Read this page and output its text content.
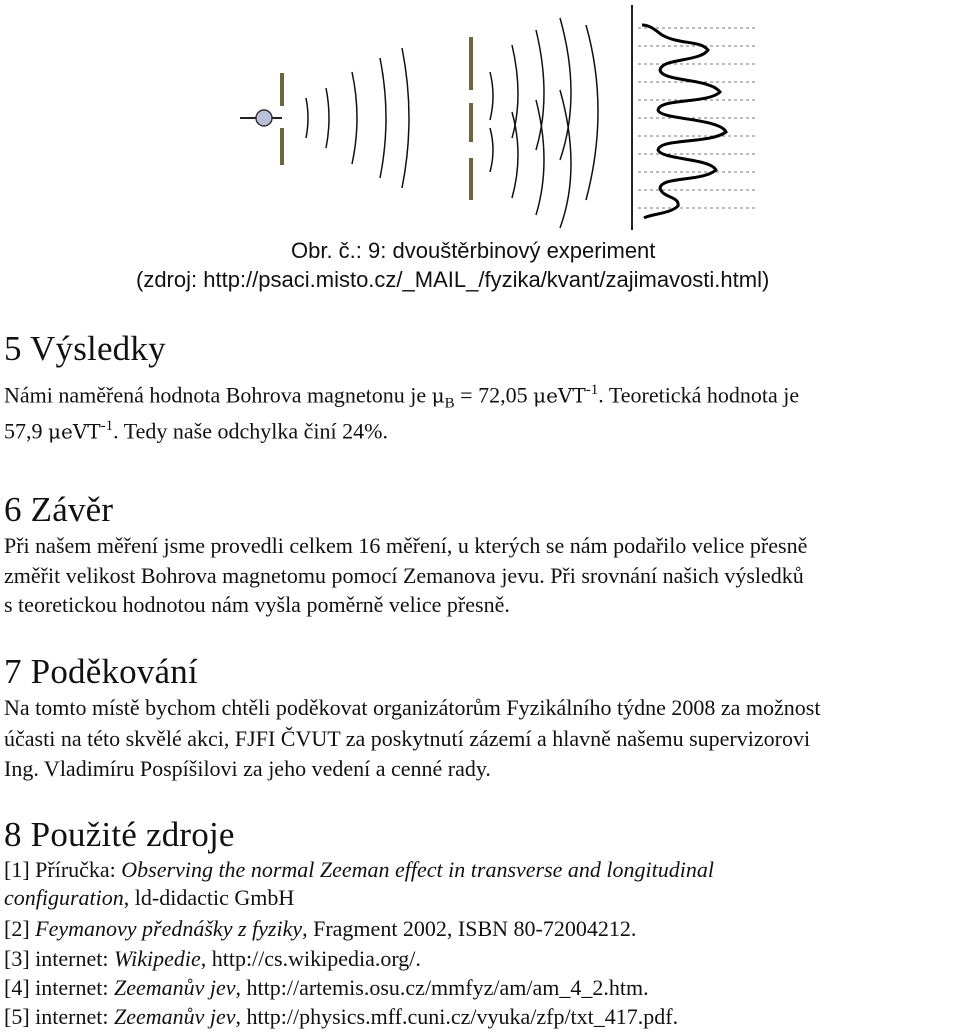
Obr. č.: 9: dvouštěrbinový experiment
(zdroj: http://psaci.misto.cz/_MAIL_/fyzika/kvant/zajimavosti.html)
5 Výsledky
Námi naměřená hodnota Bohrova magnetonu je $\mu_B = 72,05$ μeVT$^{-1}$. Teoretická hodnota je
57,9 μeVT$^{-1}$. Tedy naše odchylka činí 24%.
6 Závěr
Při našem měření jsme provedli celkem 16 měření, u kterých se nám podařilo velice přesně
změřit velikost Bohrova magnetomu pomocí Zemanova jevu. Při srovnání našich výsledků
s teoretickou hodnotou nám vyšla poměrně velice přesně.
7 Poděkování
Na tomto místě bychom chtěli poděkovat organizátorům Fyzikálního týdne 2008 za možnost
účasti na této skvělé akci, FJFI ČVUT za poskytnutí zázemí a hlavně našemu supervizorovi
Ing. Vladimíru Pospíšilovi za jeho vedení a cenné rady.
8 Použité zdroje
[1] Příručka: Observing the normal Zeeman effect in transverse and longitudinal
configuration, ld-didactic GmbH
[2] Feymanovy přednášky z fyziky, Fragment 2002, ISBN 80-72004212.
[3] internet: Wikipedie, http://cs.wikipedia.org/.
[4] internet: Zeemanův jev, http://artemis.osu.cz/mmfyz/am/am_4_2.htm.
[5] internet: Zeemanův jev, http://physics.mff.cuni.cz/vyuka/zfp/txt_417.pdf.
